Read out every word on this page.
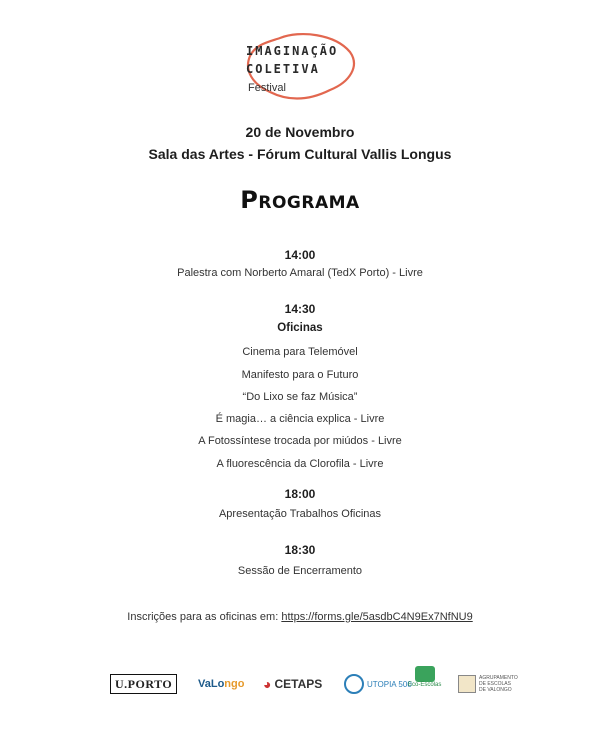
IMAGINAÇÃO
COLETIVA
Festival
20 de Novembro
Sala das Artes - Fórum Cultural Vallis Longus
Programa
14:00
Palestra com Norberto Amaral (TedX Porto) - Livre
14:30
Oficinas
Cinema para Telemóvel
Manifesto para o Futuro
“Do Lixo se faz Música”
É magia… a ciência explica - Livre
A Fotossíntese trocada por miúdos - Livre
A fluorescência da Clorofila - Livre
18:00
Apresentação Trabalhos Oficinas
18:30
Sessão de Encerramento
Inscrições para as oficinas em: https://forms.gle/5asdbC4N9Ex7NfNU9
U.PORTO	VaLo ngo ◕ CETAPS	UTOPIA 500
Eco-Escolas
AGRUPAMENTO DE ESCOLAS DE VALONGO
